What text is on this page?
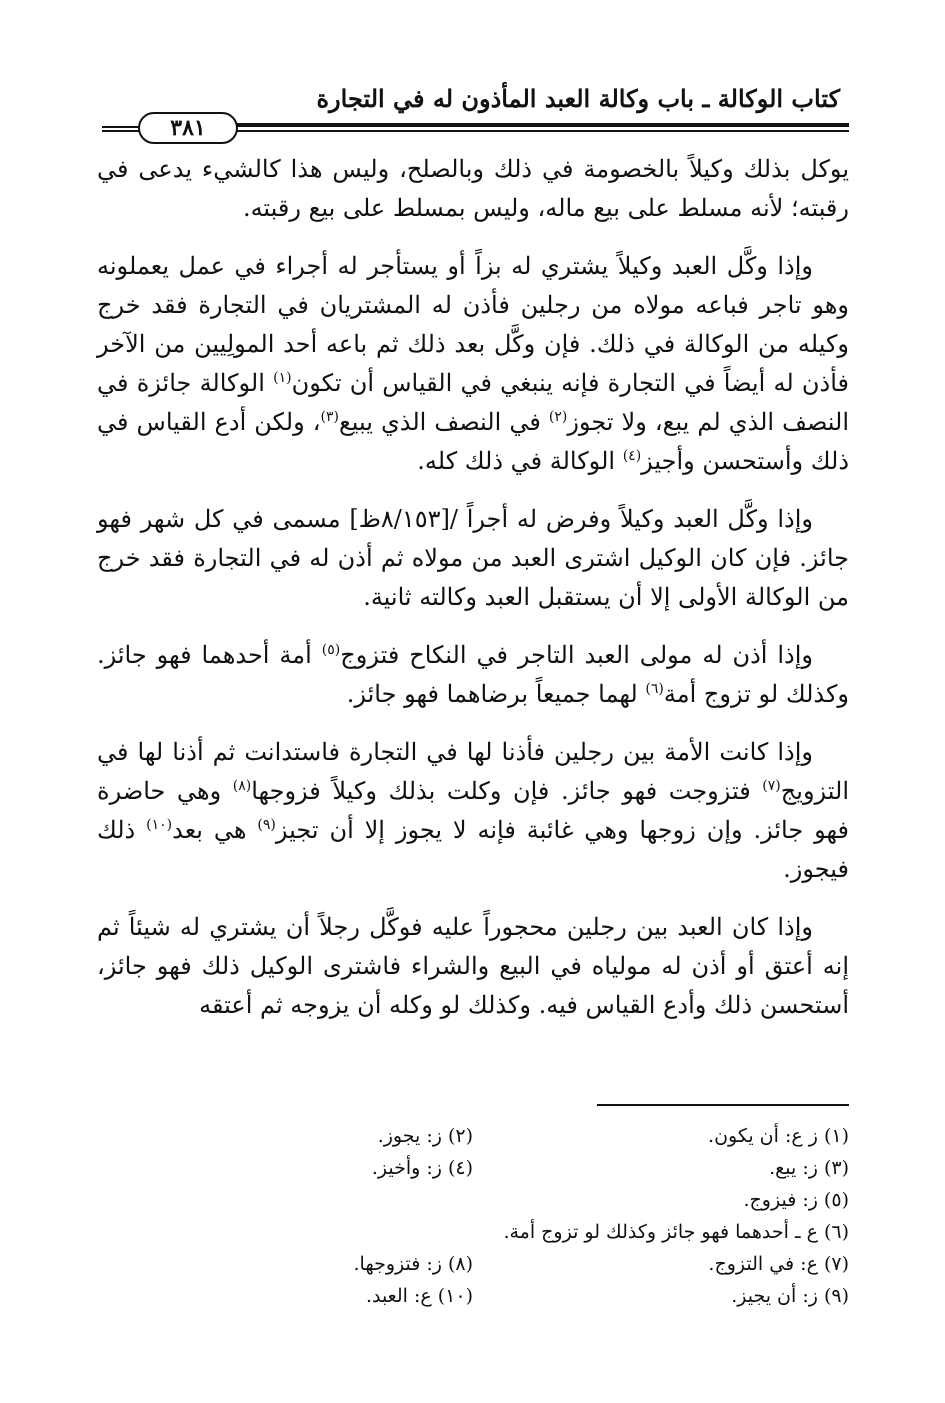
كتاب الوكالة ـ باب وكالة العبد المأذون له في التجارة
٣٨١

يوكل بذلك وكيلاً بالخصومة في ذلك وبالصلح، وليس هذا كالشيء يدعى في رقبته؛ لأنه مسلط على بيع ماله، وليس بمسلط على بيع رقبته.

وإذا وكَّل العبد وكيلاً يشتري له بزاً أو يستأجر له أجراء في عمل يعملونه وهو تاجر فباعه مولاه من رجلين فأذن له المشتريان في التجارة فقد خرج وكيله من الوكالة في ذلك. فإن وكَّل بعد ذلك ثم باعه أحد المولِيين من الآخر فأذن له أيضاً في التجارة فإنه ينبغي في القياس أن تكون$^{(١)}$ الوكالة جائزة في النصف الذي لم يبع، ولا تجوز$^{(٢)}$ في النصف الذي يبيع$^{(٣)}$، ولكن أدع القياس في ذلك وأستحسن وأجيز$^{(٤)}$ الوكالة في ذلك كله.

وإذا وكَّل العبد وكيلاً وفرض له أجراً /[٨/١٥٣ظ] مسمى في كل شهر فهو جائز. فإن كان الوكيل اشترى العبد من مولاه ثم أذن له في التجارة فقد خرج من الوكالة الأولى إلا أن يستقبل العبد وكالته ثانية.

وإذا أذن له مولى العبد التاجر في النكاح فتزوج$^{(٥)}$ أمة أحدهما فهو جائز. وكذلك لو تزوج أمة$^{(٦)}$ لهما جميعاً برضاهما فهو جائز.

وإذا كانت الأمة بين رجلين فأذنا لها في التجارة فاستدانت ثم أذنا لها في التزويج$^{(٧)}$ فتزوجت فهو جائز. فإن وكلت بذلك وكيلاً فزوجها$^{(٨)}$ وهي حاضرة فهو جائز. وإن زوجها وهي غائبة فإنه لا يجوز إلا أن تجيز$^{(٩)}$ هي بعد$^{(١٠)}$ ذلك فيجوز.

وإذا كان العبد بين رجلين محجوراً عليه فوكَّل رجلاً أن يشتري له شيئاً ثم إنه أعتق أو أذن له مولياه في البيع والشراء فاشترى الوكيل ذلك فهو جائز، أستحسن ذلك وأدع القياس فيه. وكذلك لو وكله أن يزوجه ثم أعتقه

(١) ز ع: أن يكون.
(٢) ز: يجوز.
(٣) ز: يبع.
(٤) ز: وأخيز.
(٥) ز: فيزوج.
(٦) ع ـ أحدهما فهو جائز وكذلك لو تزوج أمة.
(٧) ع: في التزوج.
(٨) ز: فتزوجها.
(٩) ز: أن يجيز.
(١٠) ع: العبد.
